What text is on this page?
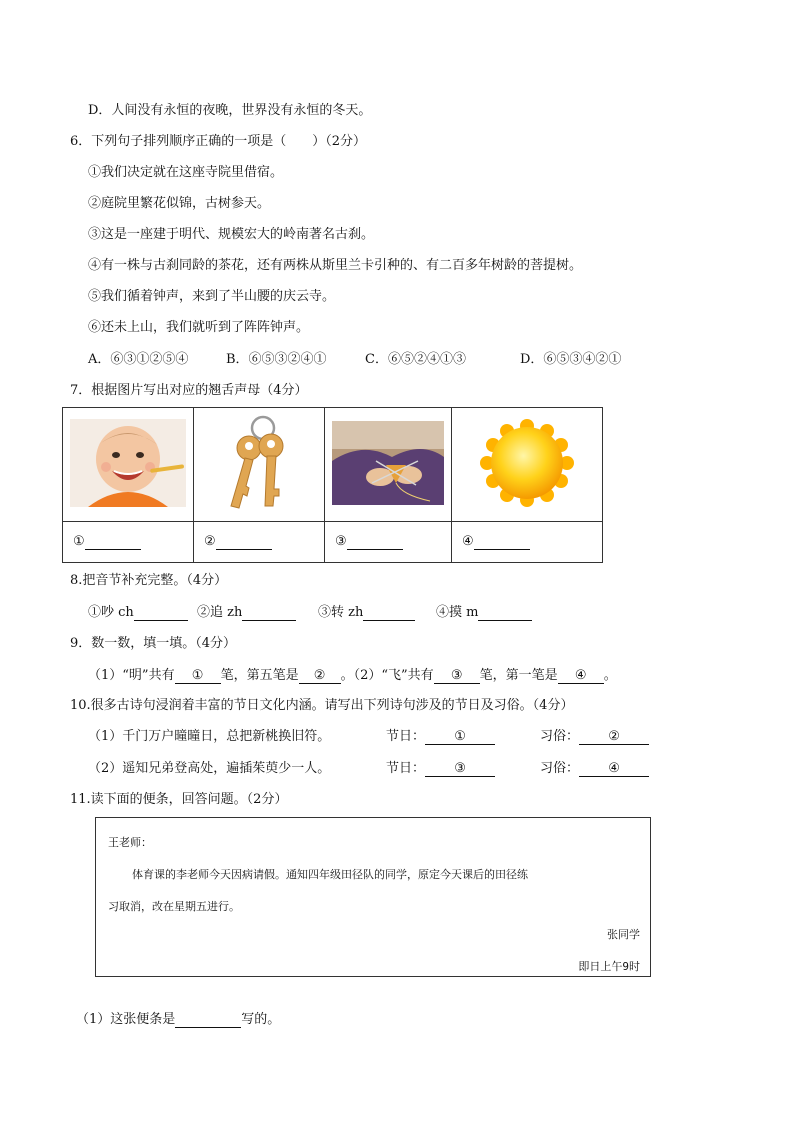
D．人间没有永恒的夜晚，世界没有永恒的冬天。
6．下列句子排列顺序正确的一项是（　　）（2分）
①我们决定就在这座寺院里借宿。
②庭院里繁花似锦，古树参天。
③这是一座建于明代、规模宏大的岭南著名古刹。
④有一株与古刹同龄的茶花，还有两株从斯里兰卡引种的、有二百多年树龄的菩提树。
⑤我们循着钟声，来到了半山腰的庆云寺。
⑥还未上山，我们就听到了阵阵钟声。
A．⑥③①②⑤④	B．⑥⑤③②④①	C．⑥⑤②④①③	D．⑥⑤③④②①
7．根据图片写出对应的翘舌声母（4分）

①	②	③	④
8.把音节补充完整。（4分）
①吵 ch	②追 zh	③转 zh	④摸 m
9．数一数，填一填。（4分）
（1）“明”共有 ① 笔，第五笔是 ② 。（2）“飞”共有 ③ 笔，第一笔是 ④ 。
10.很多古诗句浸润着丰富的节日文化内涵。请写出下列诗句涉及的节日及习俗。（4分）
（1）千门万户曈曈日，总把新桃换旧符。	节日： ①	习俗： ②
（2）遥知兄弟登高处，遍插茱萸少一人。	节日： ③	习俗： ④
11.读下面的便条，回答问题。（2分）
王老师：
体育课的李老师今天因病请假。通知四年级田径队的同学，原定今天课后的田径练
习取消，改在星期五进行。
张同学
即日上午9时
（1）这张便条是	写的。
